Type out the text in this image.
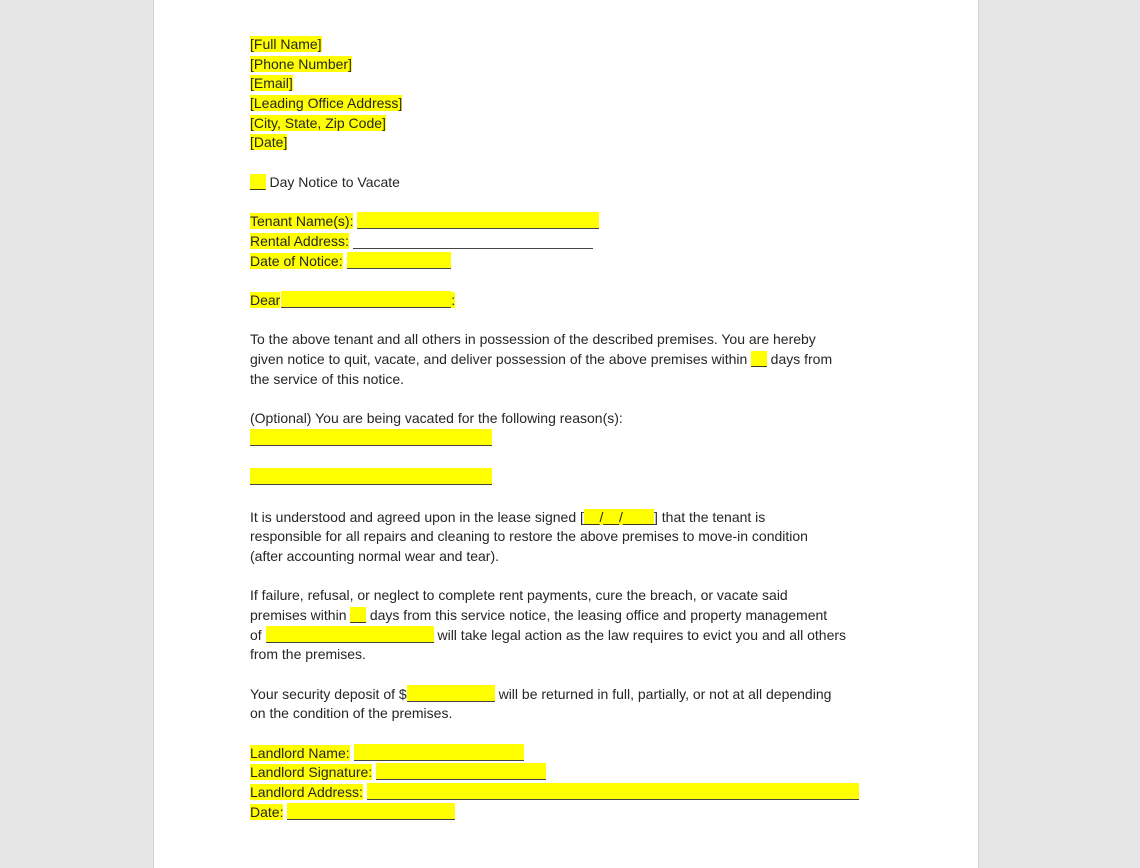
[Full Name]
[Phone Number]
[Email]
[Leading Office Address]
[City, State, Zip Code]
[Date]
__ Day Notice to Vacate
Tenant Name(s):
Rental Address:
Date of Notice:
Dear	:
To the above tenant and all others in possession of the described premises. You are hereby
given notice to quit, vacate, and deliver possession of the above premises within __ days from
the service of this notice.
(Optional) You are being vacated for the following reason(s):
It is understood and agreed upon in the lease signed [__/__/____] that the tenant is
responsible for all repairs and cleaning to restore the above premises to move-in condition
(after accounting normal wear and tear).
If failure, refusal, or neglect to complete rent payments, cure the breach, or vacate said
premises within __ days from this service notice, the leasing office and property management
of	will take legal action as the law requires to evict you and all others
from the premises.
Your security deposit of $	will be returned in full, partially, or not at all depending
on the condition of the premises.
Landlord Name:
Landlord Signature:
Landlord Address:
Date:
